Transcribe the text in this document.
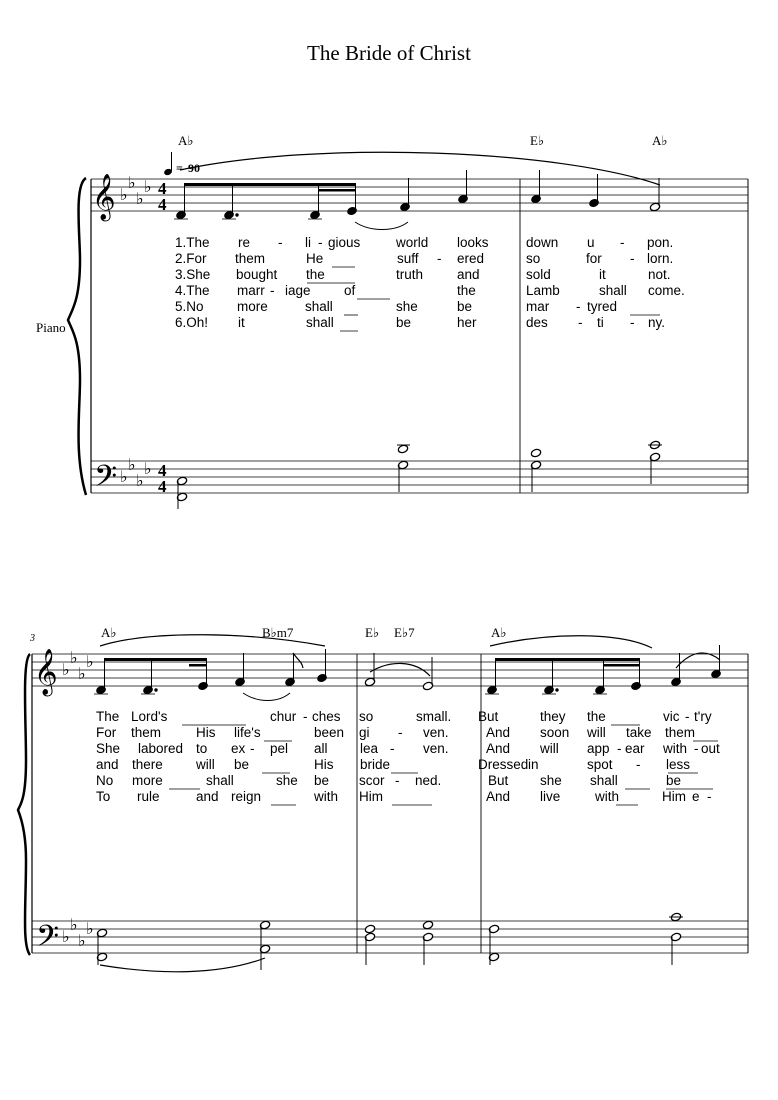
The Bride of Christ
Piano
𝄞
𝄢
♭
♭
♭
♭
♭
♭
♭
♭
4
4
4
4
= 90
A♭	E♭	A♭
1.The re - li - gious	world looks	down u - pon.
2.For them	He	suff - ered	so	for - lorn.
3.She bought the	truth	and	sold	it	not.
4.The marr - iage of	the	Lamb	shall come.
5.No more	shall	she	be	mar - tyred
6.Oh! it	shall	be	her	des - ti - ny.
3
𝄞
𝄢
♭
♭
♭
♭
♭
♭
♭
♭
A♭	B♭m7	E♭ E♭7	A♭
The Lord's	chur - ches so	small. But	they the	vic - t'ry
For them	His life's	been gi - ven.	And soon will take them
She labored to ex - pel all lea - ven.	And will app - ear with - out
and there will be	His bride	Dressed in	spot - less
No more	shall	she be scor - ned.	But she shall	be
To rule	and reign	with Him	And live	with	Him e -
